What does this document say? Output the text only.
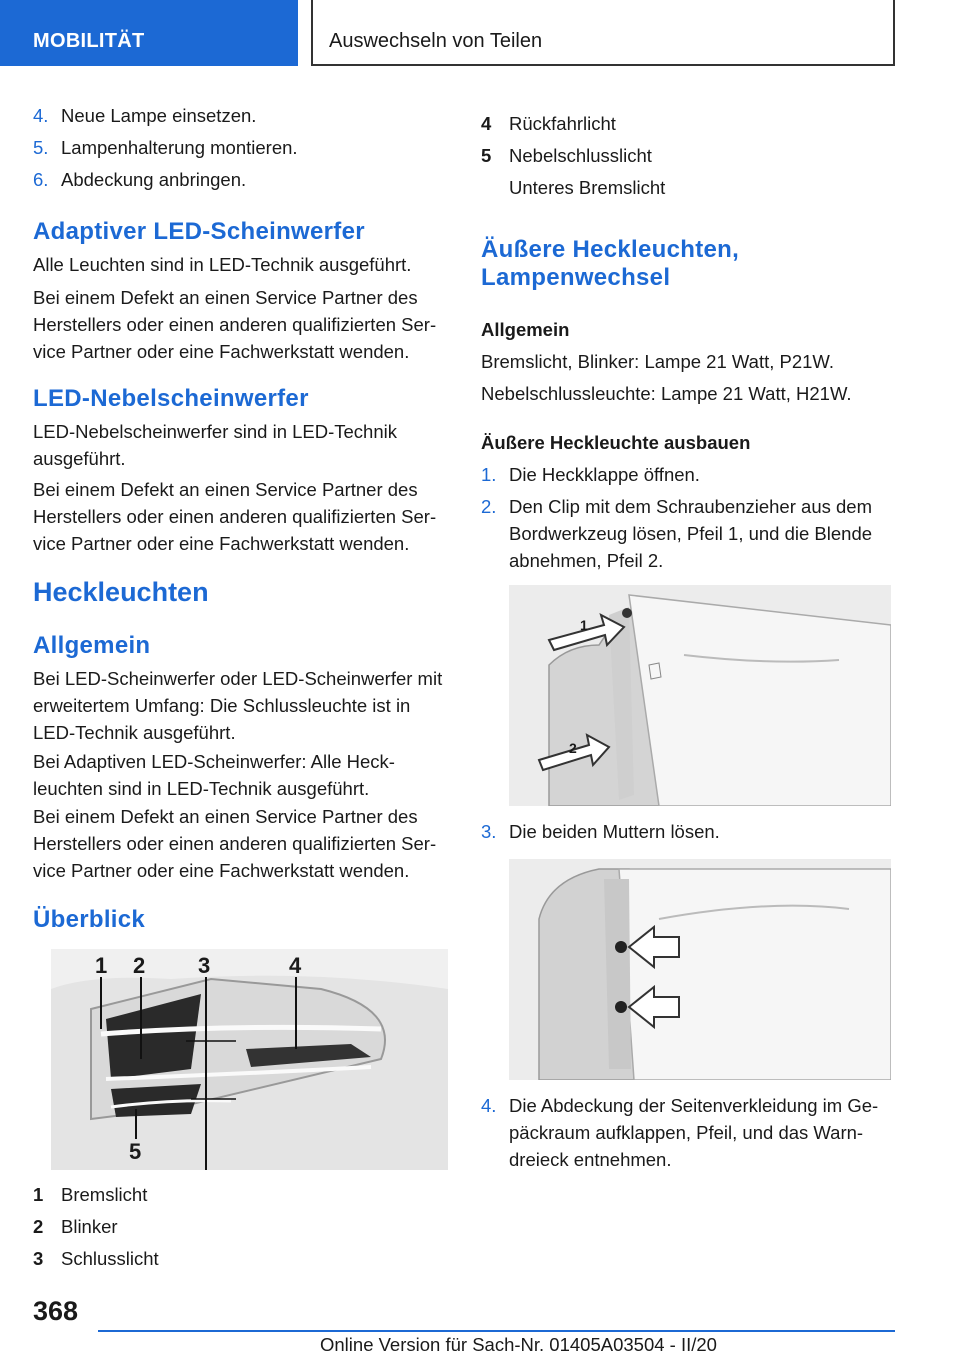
MOBILITÄT	Auswechseln von Teilen
4. Neue Lampe einsetzen.
5. Lampenhalterung montieren.
6. Abdeckung anbringen.
Adaptiver LED-Scheinwerfer
Alle Leuchten sind in LED-Technik ausgeführt.
Bei einem Defekt an einen Service Partner des Herstellers oder einen anderen qualifizierten Ser- vice Partner oder eine Fachwerkstatt wenden.
LED-Nebelscheinwerfer
LED-Nebelscheinwerfer sind in LED-Technik ausgeführt.
Bei einem Defekt an einen Service Partner des Herstellers oder einen anderen qualifizierten Ser- vice Partner oder eine Fachwerkstatt wenden.
Heckleuchten
Allgemein
Bei LED-Scheinwerfer oder LED-Scheinwerfer mit erweitertem Umfang: Die Schlussleuchte ist in LED-Technik ausgeführt.
Bei Adaptiven LED-Scheinwerfer: Alle Heck- leuchten sind in LED-Technik ausgeführt.
Bei einem Defekt an einen Service Partner des Herstellers oder einen anderen qualifizierten Ser- vice Partner oder eine Fachwerkstatt wenden.
Überblick
1 2 3	4
5
1 Bremslicht
2 Blinker
3 Schlusslicht
4 Rückfahrlicht
5 Nebelschlusslicht
Unteres Bremslicht
Äußere Heckleuchten, Lampenwechsel
Allgemein
Bremslicht, Blinker: Lampe 21 Watt, P21W.
Nebelschlussleuchte: Lampe 21 Watt, H21W.
Äußere Heckleuchte ausbauen
1. Die Heckklappe öffnen.
2. Den Clip mit dem Schraubenzieher aus dem Bordwerkzeug lösen, Pfeil 1, und die Blende abnehmen, Pfeil 2.
1
2
3. Die beiden Muttern lösen.
4. Die Abdeckung der Seitenverkleidung im Ge- päckraum aufklappen, Pfeil, und das Warn- dreieck entnehmen.
368
Online Version für Sach-Nr. 01405A03504 - II/20
